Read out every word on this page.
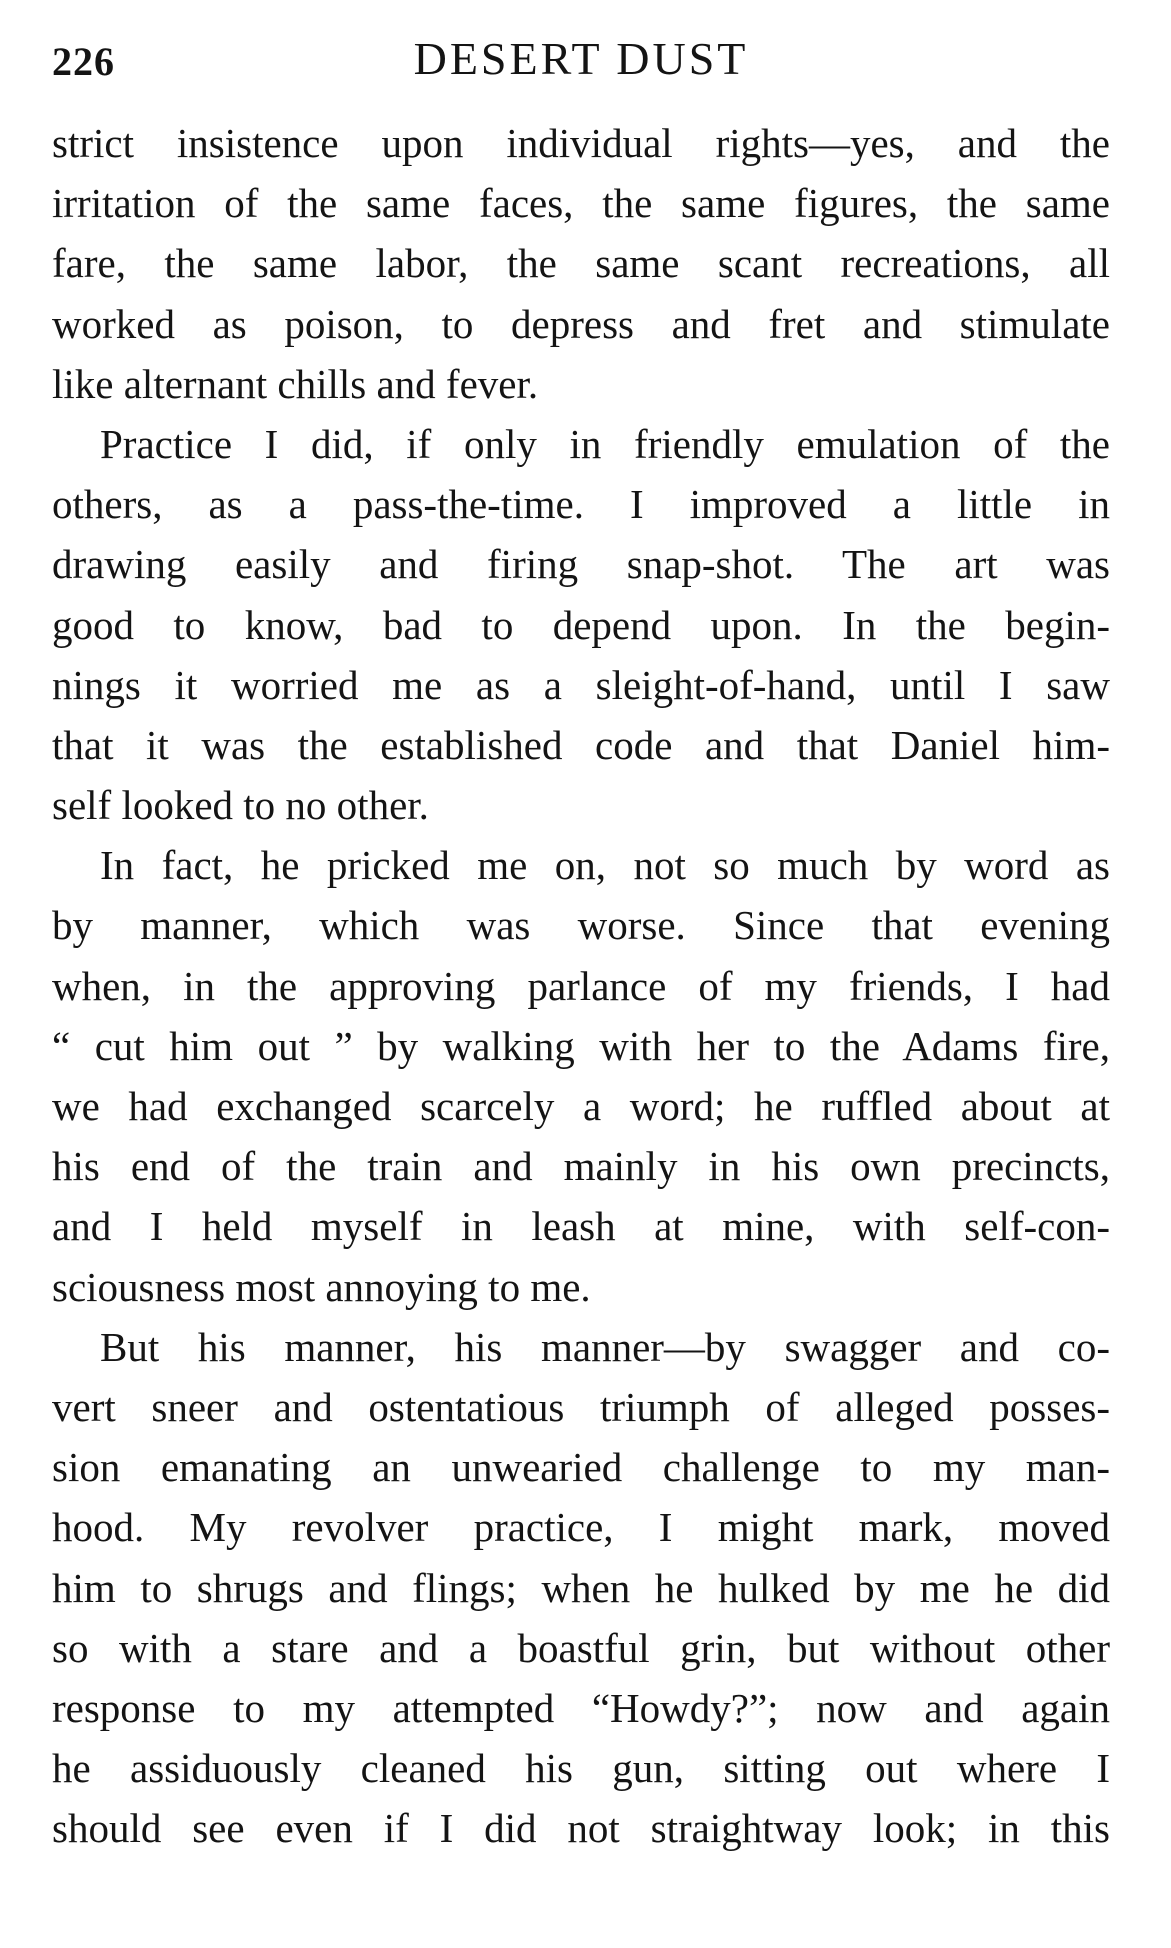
226	DESERT DUST

strict insistence upon individual rights—yes, and the
irritation of the same faces, the same figures, the same
fare, the same labor, the same scant recreations, all
worked as poison, to depress and fret and stimulate
like alternant chills and fever.

Practice I did, if only in friendly emulation of the
others, as a pass-the-time. I improved a little in
drawing easily and firing snap-shot. The art was
good to know, bad to depend upon. In the begin-
nings it worried me as a sleight-of-hand, until I saw
that it was the established code and that Daniel him-
self looked to no other.

In fact, he pricked me on, not so much by word as
by manner, which was worse. Since that evening
when, in the approving parlance of my friends, I had
“ cut him out ” by walking with her to the Adams fire,
we had exchanged scarcely a word; he ruffled about at
his end of the train and mainly in his own precincts,
and I held myself in leash at mine, with self-con-
sciousness most annoying to me.

But his manner, his manner—by swagger and co-
vert sneer and ostentatious triumph of alleged posses-
sion emanating an unwearied challenge to my man-
hood. My revolver practice, I might mark, moved
him to shrugs and flings; when he hulked by me he did
so with a stare and a boastful grin, but without other
response to my attempted “Howdy?”; now and again
he assiduously cleaned his gun, sitting out where I
should see even if I did not straightway look; in this
